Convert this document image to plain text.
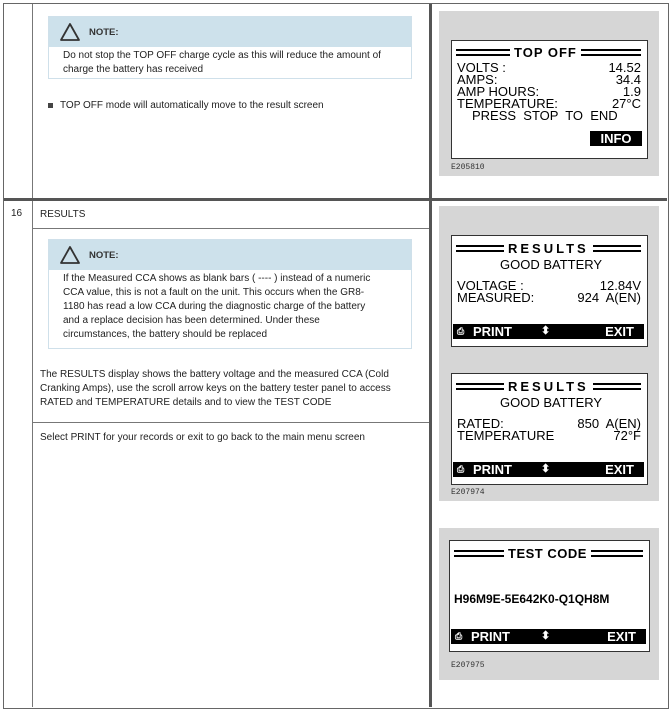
NOTE:
Do not stop the TOP OFF charge cycle as this will reduce the amount of charge the battery has received
TOP OFF mode will automatically move to the result screen
16 RESULTS
NOTE:
If the Measured CCA shows as blank bars ( ---- ) instead of a numeric CCA value, this is not a fault on the unit. This occurs when the GR8-1180 has read a low CCA during the diagnostic charge of the battery and a replace decision has been determined. Under these circumstances, the battery should be replaced
The RESULTS display shows the battery voltage and the measured CCA (Cold Cranking Amps), use the scroll arrow keys on the battery tester panel to access RATED and TEMPERATURE details and to view the TEST CODE
Select PRINT for your records or exit to go back to the main menu screen
TOP OFF
VOLTS :	14.52
AMPS:	34.4
AMP HOURS:	1.9
TEMPERATURE:	27°C
PRESS  STOP  TO  END
INFO
E205810
RESULTS
GOOD BATTERY
VOLTAGE :	12.84V
MEASURED:	924  A(EN)
⎙ PRINT	⬍	EXIT
RESULTS
GOOD BATTERY
RATED:	850  A(EN)
TEMPERATURE	72°F
⎙ PRINT	⬍	EXIT
E207974
TEST CODE
H96M9E-5E642K0-Q1QH8M
⎙ PRINT	⬍	EXIT
E207975
